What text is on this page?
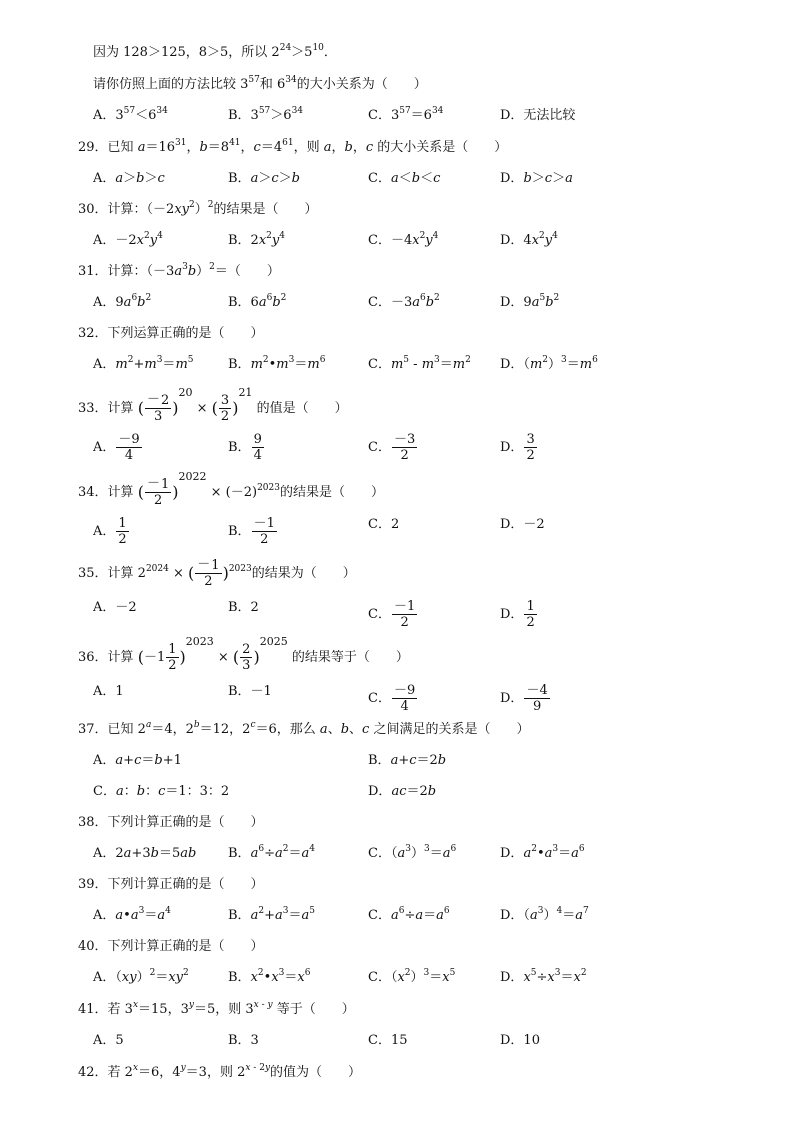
因为 128＞125，8＞5，所以 $2^{24}>5^{10}$．
请你仿照上面的方法比较 $3^{57}$和 $6^{34}$的大小关系为（　　）
A．$3^{57}<6^{34}$	B．$3^{57}>6^{34}$	C．$3^{57}=6^{34}$	D．无法比较
29．已知 $a=16^{31}$，$b=8^{41}$，$c=4^{61}$，则 a，b，c 的大小关系是（　　）
A．a＞b＞c	B．a＞c＞b	C．a＜b＜c	D．b＞c＞a
30．计算：$(-2xy^2)^2$的结果是（　　）
A．$-2x^2y^4$	B．$2x^2y^4$	C．$-4x^2y^4$	D．$4x^2y^4$
31．计算：$(-3a^3b)^2=$（　　）
A．$9a^6b^2$	B．$6a^6b^2$	C．$-3a^6b^2$	D．$9a^5b^2$
32．下列运算正确的是（　　）
A．$m^2+m^3=m^5$	B．$m^2•m^3=m^6$	C．$m^5 - m^3=m^2$ D．$(m^2)^3=m^6$
33．计算 ( $\frac{-2}{3} )^{20}$ × ( $\frac{3}{2} )^{21}$ 的值是（　　）
A． $\frac{-9}{4}$	B． $\frac{9}{4}$	C． $\frac{-3}{2}$	D． $\frac{3}{2}$
34．计算 ( $\frac{-1}{2} )^{2022} \times (-2)^{2023}$的结果是（　　）
A． $\frac{1}{2}$	B． $\frac{-1}{2}$	C．2	D．－2
35．计算 $2^{2024}$ × ( $\frac{-1}{2} )^{2023}$的结果为（　　）
A．－2	B．2	C． $\frac{-1}{2}$	D． $\frac{1}{2}$
36．计算 $(-1 \frac{1}{2} )^{2023}$ × ( $\frac{2}{3} )^{2025}$ 的结果等于（　　）
A．1	B．－1	C． $\frac{-9}{4}$	D． $\frac{-4}{9}$
37．已知 $2^a=4$，$2^b=12$，$2^c=6$，那么 a、b、c 之间满足的关系是（　　）
A．a+c＝b+1	B．a+c＝2b
C．a：b：c＝1：3：2	D．ac＝2b
38．下列计算正确的是（　　）
A．2a+3b＝5ab B．$a^6\div a^2=a^4$	C．$(a^3)^3=a^6$	D．$a^2•a^3=a^6$
39．下列计算正确的是（　　）
A．$a•a^3=a^4$	B．$a^2+a^3=a^5$	C．$a^6\div a=a^6$	D．$(a^3)^4=a^7$
40．下列计算正确的是（　　）
A．$(xy)^2=xy^2$	B．$x^2•x^3=x^6$	C．$(x^2)^3=x^5$	D．$x^5\div x^3=x^2$
41．若 $3^x=15$，$3^y=5$，则 3$^{x - y}$ 等于（　　）
A．5	B．3	C．15	D．10
42．若 $2^x=6$，$4^y=3$，则 $2^{x - 2y}$的值为（　　）
